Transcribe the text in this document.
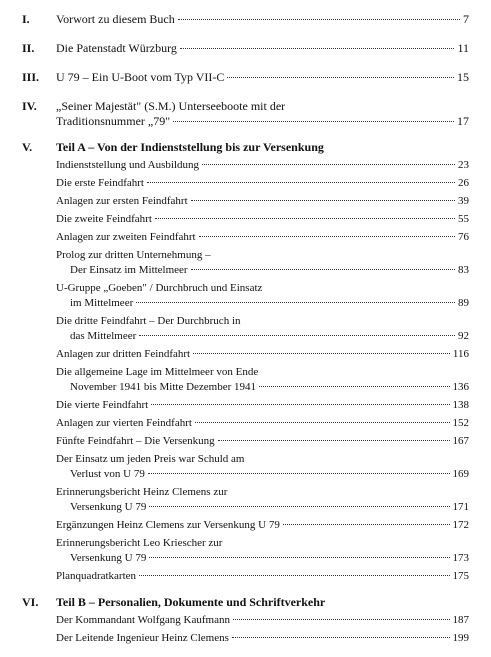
I. Vorwort zu diesem Buch	7
II. Die Patenstadt Würzburg	11
III. U 79 – Ein U-Boot vom Typ VII-C	15
IV. „Seiner Majestät" (S.M.) Unterseeboote mit der
Traditionsnummer „79"	17
V. Teil A – Von der Indienststellung bis zur Versenkung
Indienststellung und Ausbildung	23
Die erste Feindfahrt	26
Anlagen zur ersten Feindfahrt	39
Die zweite Feindfahrt	55
Anlagen zur zweiten Feindfahrt	76
Prolog zur dritten Unternehmung –
Der Einsatz im Mittelmeer	83
U-Gruppe „Goeben" / Durchbruch und Einsatz
im Mittelmeer	89
Die dritte Feindfahrt – Der Durchbruch in
das Mittelmeer	92
Anlagen zur dritten Feindfahrt	116
Die allgemeine Lage im Mittelmeer von Ende
November 1941 bis Mitte Dezember 1941	136
Die vierte Feindfahrt	138
Anlagen zur vierten Feindfahrt	152
Fünfte Feindfahrt – Die Versenkung	167
Der Einsatz um jeden Preis war Schuld am
Verlust von U 79	169
Erinnerungsbericht Heinz Clemens zur
Versenkung U 79	171
Ergänzungen Heinz Clemens zur Versenkung U 79	172
Erinnerungsbericht Leo Kriescher zur
Versenkung U 79	173
Planquadratkarten	175
VI. Teil B – Personalien, Dokumente und Schriftverkehr
Der Kommandant Wolfgang Kaufmann	187
Der Leitende Ingenieur Heinz Clemens	199
